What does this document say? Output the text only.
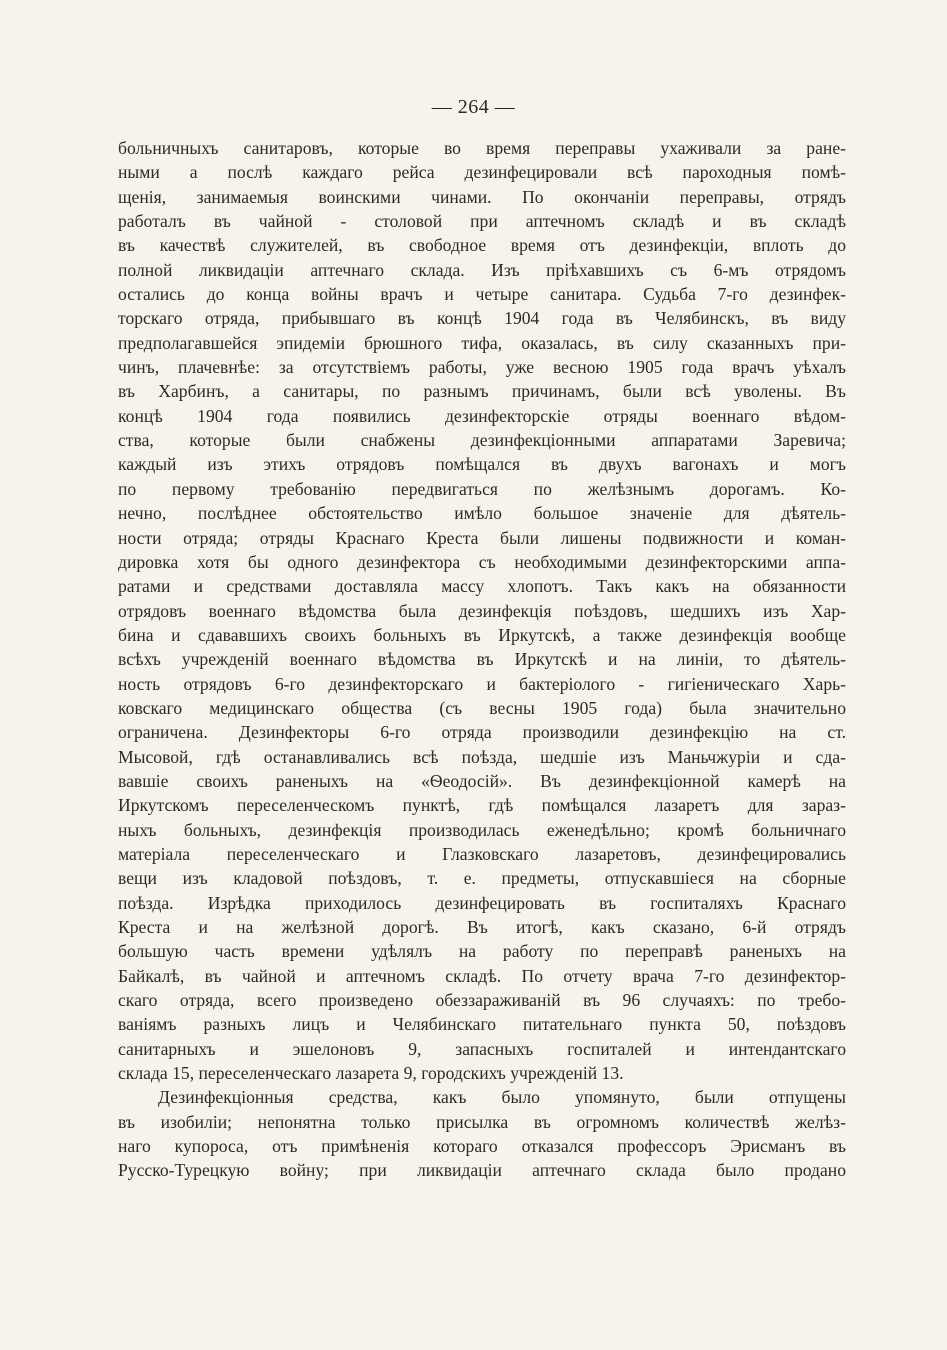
— 264 —
больничныхъ санитаровъ, которые во время переправы ухаживали за ране-
ными а послѣ каждаго рейса дезинфецировали всѣ пароходныя помѣ-
щенія, занимаемыя воинскими чинами. По окончаніи переправы, отрядъ
работалъ въ чайной - столовой при аптечномъ складѣ и въ складѣ
въ качествѣ служителей, въ свободное время отъ дезинфекціи, вплоть до
полной ликвидаціи аптечнаго склада. Изъ пріѣхавшихъ съ 6-мъ отрядомъ
остались до конца войны врачъ и четыре санитара. Судьба 7-го дезинфек-
торскаго отряда, прибывшаго въ концѣ 1904 года въ Челябинскъ, въ виду
предполагавшейся эпидеміи брюшного тифа, оказалась, въ силу сказанныхъ при-
чинъ, плачевнѣе: за отсутствіемъ работы, уже весною 1905 года врачъ уѣхалъ
въ Харбинъ, а санитары, по разнымъ причинамъ, были всѣ уволены. Въ
концѣ 1904 года появились дезинфекторскіе отряды военнаго вѣдом-
ства, которые были снабжены дезинфекціонными аппаратами Заревича;
каждый изъ этихъ отрядовъ помѣщался въ двухъ вагонахъ и могъ
по первому требованію передвигаться по желѣзнымъ дорогамъ. Ко-
нечно, послѣднее обстоятельство имѣло большое значеніе для дѣятель-
ности отряда; отряды Краснаго Креста были лишены подвижности и коман-
дировка хотя бы одного дезинфектора съ необходимыми дезинфекторскими аппа-
ратами и средствами доставляла массу хлопотъ. Такъ какъ на обязанности
отрядовъ военнаго вѣдомства была дезинфекція поѣздовъ, шедшихъ изъ Хар-
бина и сдававшихъ своихъ больныхъ въ Иркутскѣ, а также дезинфекція вообще
всѣхъ учрежденій военнаго вѣдомства въ Иркутскѣ и на линіи, то дѣятель-
ность отрядовъ 6-го дезинфекторскаго и бактеріолого - гигіеническаго Харь-
ковскаго медицинскаго общества (съ весны 1905 года) была значительно
ограничена. Дезинфекторы 6-го отряда производили дезинфекцію на ст.
Мысовой, гдѣ останавливались всѣ поѣзда, шедшіе изъ Маньчжуріи и сда-
вавшіе своихъ раненыхъ на «Ѳеодосій». Въ дезинфекціонной камерѣ на
Иркутскомъ переселенческомъ пунктѣ, гдѣ помѣщался лазаретъ для зараз-
ныхъ больныхъ, дезинфекція производилась еженедѣльно; кромѣ больничнаго
матеріала переселенческаго и Глазковскаго лазаретовъ, дезинфецировались
вещи изъ кладовой поѣздовъ, т. е. предметы, отпускавшіеся на сборные
поѣзда. Изрѣдка приходилось дезинфецировать въ госпиталяхъ Краснаго
Креста и на желѣзной дорогѣ. Въ итогѣ, какъ сказано, 6-й отрядъ
большую часть времени удѣлялъ на работу по переправѣ раненыхъ на
Байкалѣ, въ чайной и аптечномъ складѣ. По отчету врача 7-го дезинфектор-
скаго отряда, всего произведено обеззараживаній въ 96 случаяхъ: по требо-
ваніямъ разныхъ лицъ и Челябинскаго питательнаго пункта 50, поѣздовъ
санитарныхъ и эшелоновъ 9, запасныхъ госпиталей и интендантскаго
склада 15, переселенческаго лазарета 9, городскихъ учрежденій 13.
Дезинфекціонныя средства, какъ было упомянуто, были отпущены
въ изобиліи; непонятна только присылка въ огромномъ количествѣ желѣз-
наго купороса, отъ примѣненія котораго отказался профессоръ Эрисманъ въ
Русско-Турецкую войну; при ликвидаціи аптечнаго склада было продано
